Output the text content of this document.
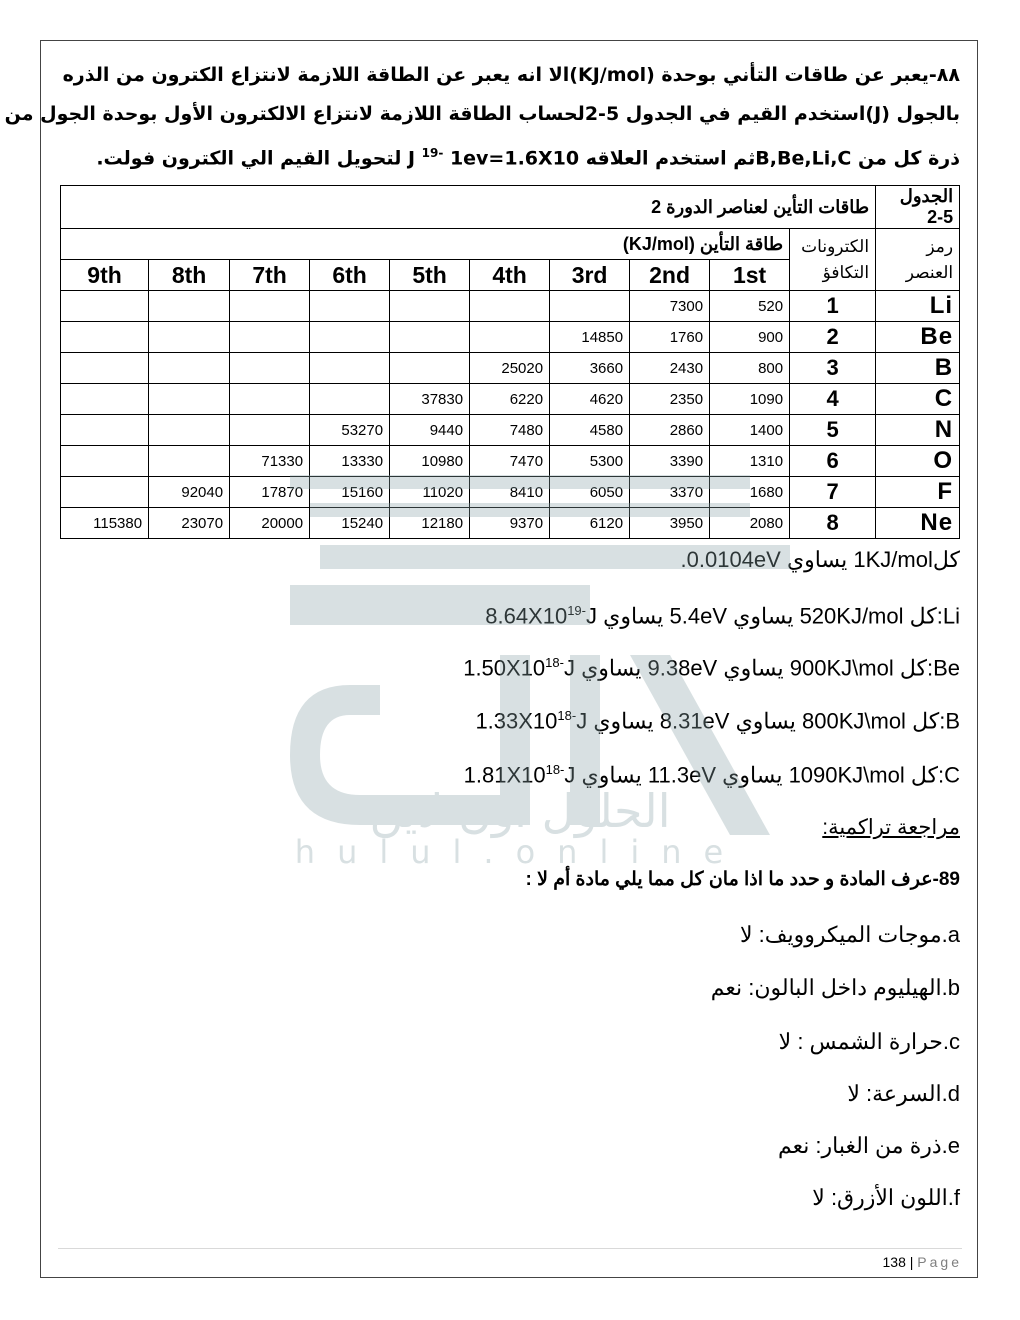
٨٨-يعبر عن طاقات التأني بوحدة (KJ/mol)الا انه يعبر عن الطاقة اللازمة لانتزاع الكترون من الذره
بالجول (J)استخدم القيم في الجدول 5-2لحساب الطاقة اللازمة لانتزاع الالكترون الأول بوحدة الجول من
ذرة كل من B,Be,Li,Cثم استخدم العلاقه J $^{19-}$ 1ev=1.6X10 لتحويل القيم الي الكترون فولت.
الجدول 5-2	طاقات التأين لعناصر الدورة 2									
رمز العنصر	الكترونات التكافؤ	طاقة التأين (KJ/mol)								
		1st	2nd	3rd	4th	5th	6th	7th	8th	9th
Li	1	520	7300							
Be	2	900	1760	14850						
B	3	800	2430	3660	25020					
C	4	1090	2350	4620	6220	37830				
N	5	1400	2860	4580	7480	9440	53270			
O	6	1310	3390	5300	7470	10980	13330	71330		
F	7	1680	3370	6050	8410	11020	15160	17870	92040	
Ne	8	2080	3950	6120	9370	12180	15240	20000	23070	115380
كل1KJ/mol يساوي 0.0104eV.
Li:كل 520KJ/mol يساوي 5.4eV يساوي $J8.64X10^{19-}$
Be:كل 900KJ\mol يساوي 9.38eV يساوي $J1.50X10^{18-}$
B:كل 800KJ\mol يساوي 8.31eV يساوي $J1.33X10^{18-}$
C:كل 1090KJ\mol يساوي 11.3eV يساوي $J1.81X10^{18-}$
مراجعة تراكمية:
89-عرف المادة و حدد ما اذا مان كل مما يلي مادة أم لا :
a.موجات الميكروويف: لا
b.الهيليوم داخل البالون: نعم
c.حرارة الشمس : لا
d.السرعة: لا
e.ذرة من الغبار: نعم
f.اللون الأزرق: لا
الحلول اون لاين
hulul.online
138 | Page
